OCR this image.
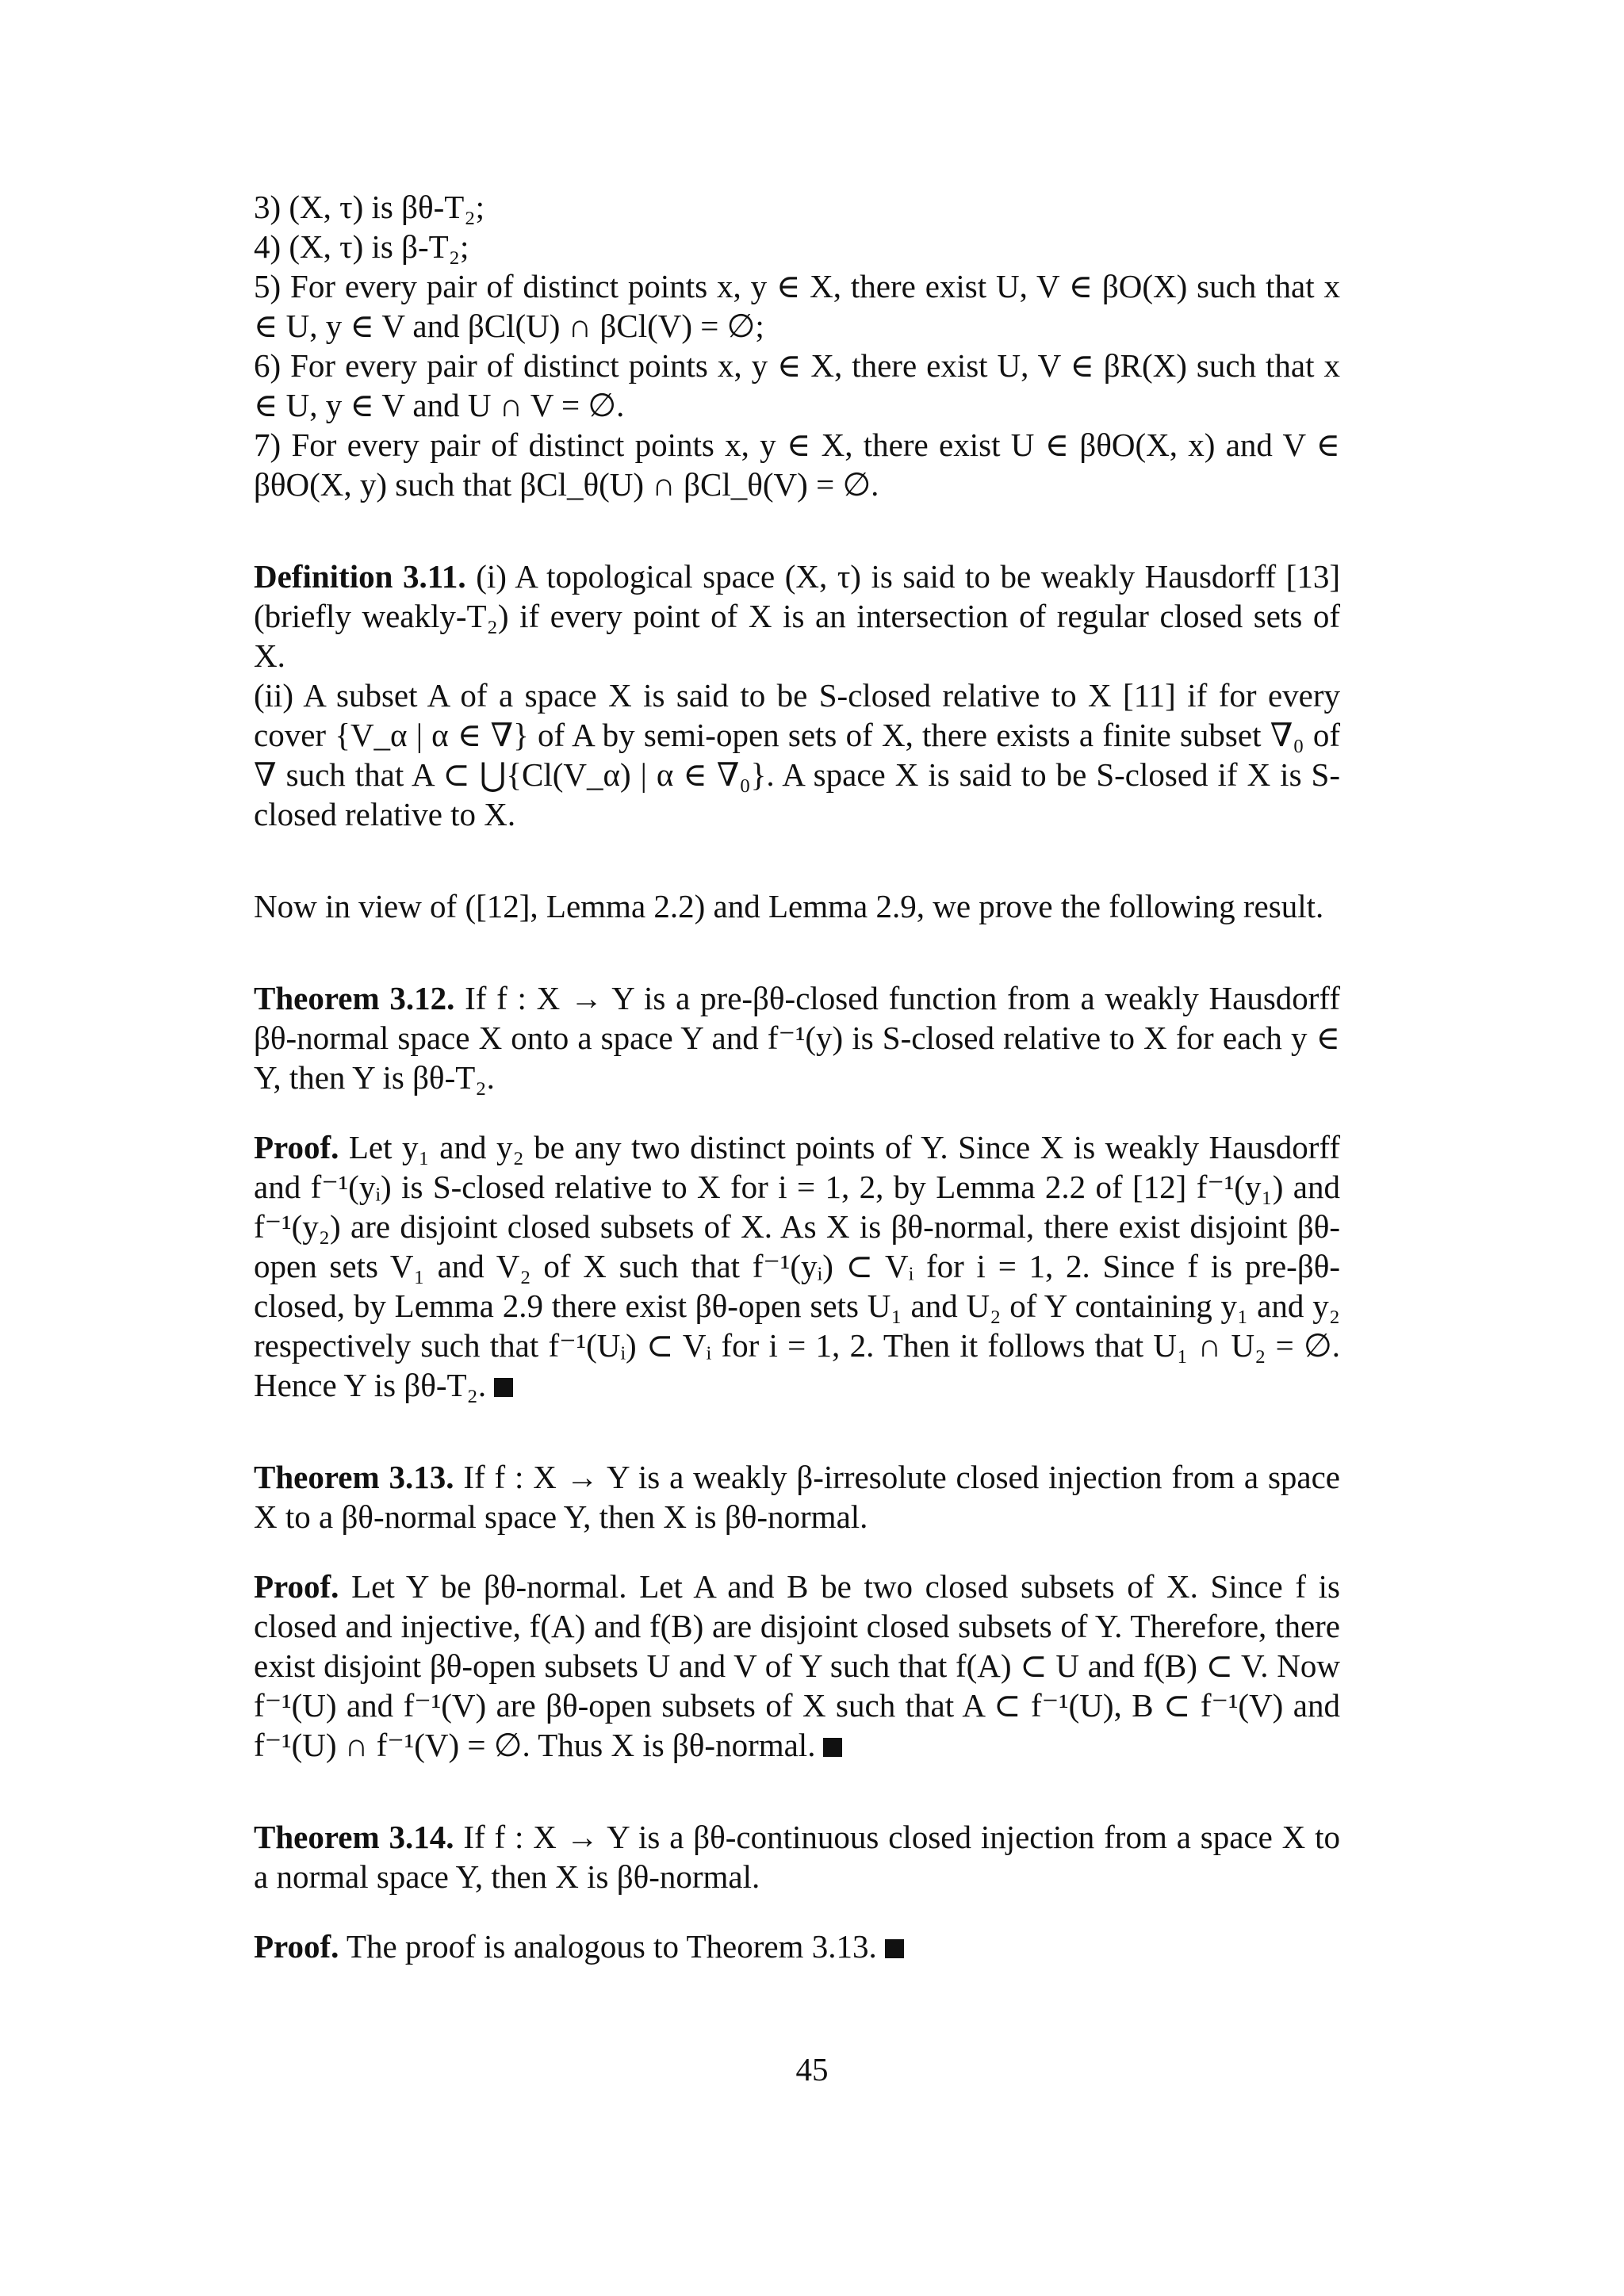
3) (X, τ) is βθ-T₂;
4) (X, τ) is β-T₂;
5) For every pair of distinct points x, y ∈ X, there exist U, V ∈ βO(X) such that x ∈ U, y ∈ V and βCl(U) ∩ βCl(V) = ∅;
6) For every pair of distinct points x, y ∈ X, there exist U, V ∈ βR(X) such that x ∈ U, y ∈ V and U ∩ V = ∅.
7) For every pair of distinct points x, y ∈ X, there exist U ∈ βθO(X, x) and V ∈ βθO(X, y) such that βCl_θ(U) ∩ βCl_θ(V) = ∅.
Definition 3.11. (i) A topological space (X, τ) is said to be weakly Hausdorff [13] (briefly weakly-T₂) if every point of X is an intersection of regular closed sets of X.
(ii) A subset A of a space X is said to be S-closed relative to X [11] if for every cover {V_α | α ∈ ∇} of A by semi-open sets of X, there exists a finite subset ∇₀ of ∇ such that A ⊂ ⋃{Cl(V_α) | α ∈ ∇₀}. A space X is said to be S-closed if X is S-closed relative to X.
Now in view of ([12], Lemma 2.2) and Lemma 2.9, we prove the following result.
Theorem 3.12. If f : X → Y is a pre-βθ-closed function from a weakly Hausdorff βθ-normal space X onto a space Y and f⁻¹(y) is S-closed relative to X for each y ∈ Y, then Y is βθ-T₂.
Proof. Let y₁ and y₂ be any two distinct points of Y. Since X is weakly Hausdorff and f⁻¹(yᵢ) is S-closed relative to X for i = 1, 2, by Lemma 2.2 of [12] f⁻¹(y₁) and f⁻¹(y₂) are disjoint closed subsets of X. As X is βθ-normal, there exist disjoint βθ-open sets V₁ and V₂ of X such that f⁻¹(yᵢ) ⊂ Vᵢ for i = 1, 2. Since f is pre-βθ-closed, by Lemma 2.9 there exist βθ-open sets U₁ and U₂ of Y containing y₁ and y₂ respectively such that f⁻¹(Uᵢ) ⊂ Vᵢ for i = 1, 2. Then it follows that U₁ ∩ U₂ = ∅. Hence Y is βθ-T₂.
Theorem 3.13. If f : X → Y is a weakly β-irresolute closed injection from a space X to a βθ-normal space Y, then X is βθ-normal.
Proof. Let Y be βθ-normal. Let A and B be two closed subsets of X. Since f is closed and injective, f(A) and f(B) are disjoint closed subsets of Y. Therefore, there exist disjoint βθ-open subsets U and V of Y such that f(A) ⊂ U and f(B) ⊂ V. Now f⁻¹(U) and f⁻¹(V) are βθ-open subsets of X such that A ⊂ f⁻¹(U), B ⊂ f⁻¹(V) and f⁻¹(U) ∩ f⁻¹(V) = ∅. Thus X is βθ-normal.
Theorem 3.14. If f : X → Y is a βθ-continuous closed injection from a space X to a normal space Y, then X is βθ-normal.
Proof. The proof is analogous to Theorem 3.13.
45
